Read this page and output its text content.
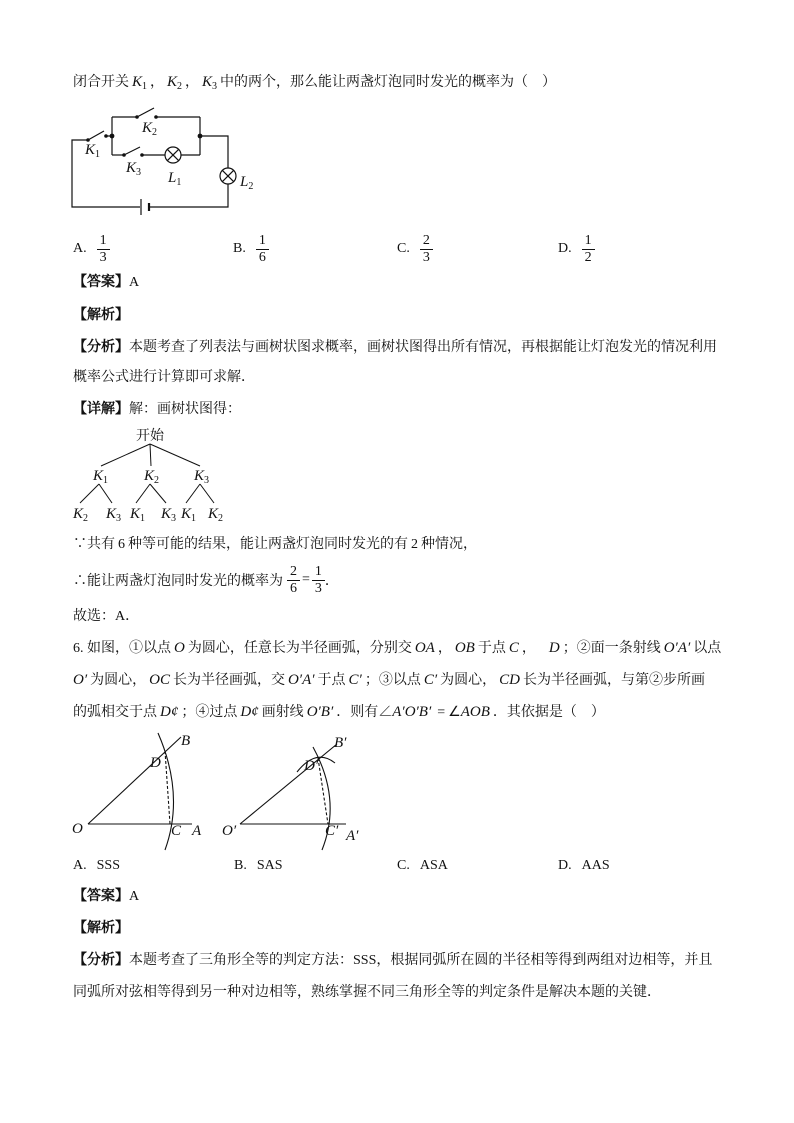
闭合开关 $K_1$ ， $K_2$ ， $K_3$ 中的两个，那么能让两盏灯泡同时发光的概率为（　）
$K_1$
$K_2$
$K_3$ $L_1$	$L_2$
A. $\frac{1}{3}$	B. $\frac{1}{6}$	C. $\frac{2}{3}$	D. $\frac{1}{2}$
【答案】A
【解析】
【分析】本题考查了列表法与画树状图求概率，画树状图得出所有情况，再根据能让灯泡发光的情况利用
概率公式进行计算即可求解．
【详解】解：画树状图得：
开始
$K_1$ $K_2$ $K_3$
$K_2$ $K_3$ $K_1$ $K_3$ $K_1$ $K_2$
∵共有 6 种等可能的结果，能让两盏灯泡同时发光的有 2 种情况，
∴能让两盏灯泡同时发光的概率为 $\frac{2}{6} = \frac{1}{3}$ ．
故选：A．
6. 如图，①以点 O 为圆心，任意长为半径画弧，分别交 OA ， OB 于点 C ， D ；②面一条射线 O′A′ 以点
O′ 为圆心， OC 长为半径画弧，交 O′A′ 于点 C′ ；③以点 C′ 为圆心， CD 长为半径画弧，与第②步所画
的弧相交于点 D¢ ；④过点 D¢ 画射线 O′B′ ．则有∠A′O′B′ = ∠AOB ．其依据是（　）
O	C A
B
D
O′	C′ A′
B′
D′
A. SSS	B. SAS	C. ASA	D. AAS
【答案】A
【解析】
【分析】本题考查了三角形全等的判定方法：SSS，根据同弧所在圆的半径相等得到两组对边相等，并且
同弧所对弦相等得到另一种对边相等，熟练掌握不同三角形全等的判定条件是解决本题的关键．
